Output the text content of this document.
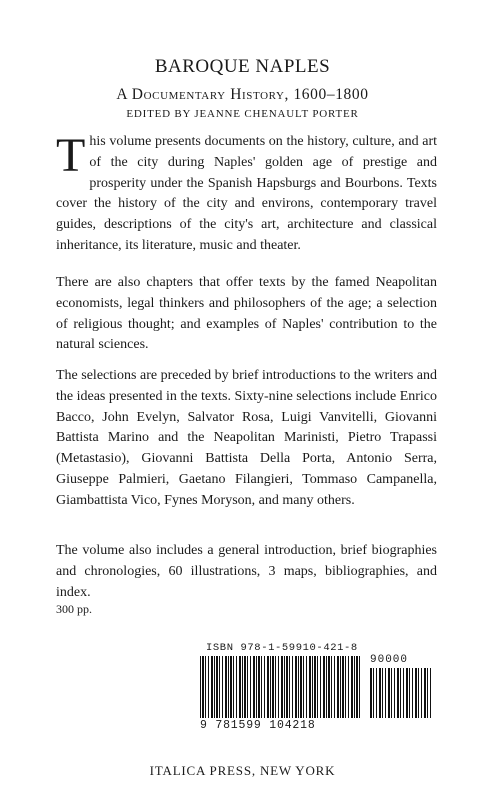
BAROQUE NAPLES
A Documentary History, 1600–1800
EDITED BY JEANNE CHENAULT PORTER
This volume presents documents on the history, culture, and art of the city during Naples' golden age of prestige and prosperity under the Spanish Hapsburgs and Bourbons. Texts cover the history of the city and environs, contemporary travel guides, descriptions of the city's art, architecture and classical inheritance, its literature, music and theater.
There are also chapters that offer texts by the famed Neapolitan economists, legal thinkers and philosophers of the age; a selection of religious thought; and examples of Naples' contribution to the natural sciences.
The selections are preceded by brief introductions to the writers and the ideas presented in the texts. Sixty-nine selections include Enrico Bacco, John Evelyn, Salvator Rosa, Luigi Vanvitelli, Giovanni Battista Marino and the Neapolitan Marinisti, Pietro Trapassi (Metastasio), Giovanni Battista Della Porta, Antonio Serra, Giuseppe Palmieri, Gaetano Filangieri, Tommaso Campanella, Giambattista Vico, Fynes Moryson, and many others.
The volume also includes a general introduction, brief biographies and chronologies, 60 illustrations, 3 maps, bibliographies, and index.
300 pp.
ISBN 978-1-59910-421-8
90000
9 781599 104218
ITALICA PRESS, NEW YORK
